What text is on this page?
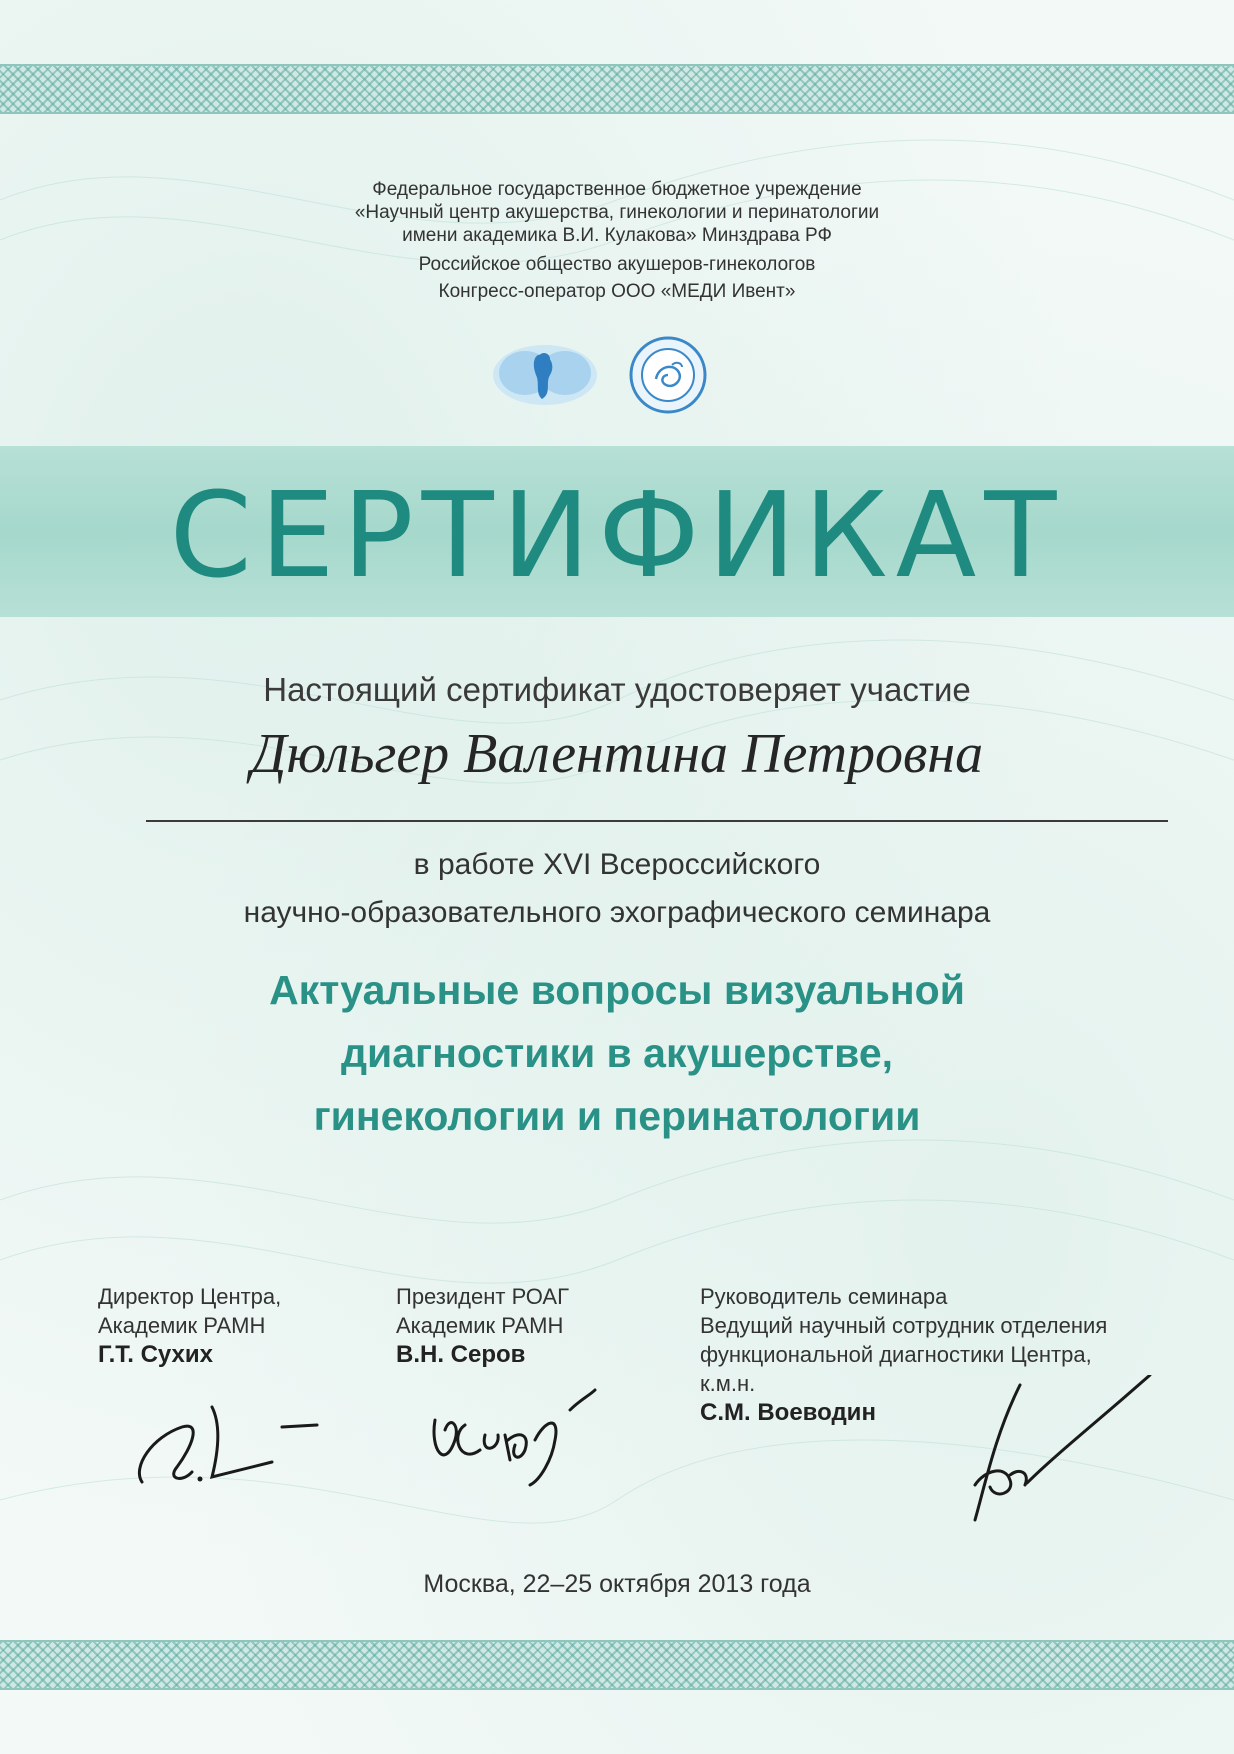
Федеральное государственное бюджетное учреждение
«Научный центр акушерства, гинекологии и перинатологии
имени академика В.И. Кулакова» Минздрава РФ
Российское общество акушеров-гинекологов
Конгресс-оператор ООО «МЕДИ Ивент»
СЕРТИФИКАТ
Настоящий сертификат удостоверяет участие
Дюльгер Валентина Петровна
в работе XVI Всероссийского
научно-образовательного эхографического семинара
Актуальные вопросы визуальной
диагностики в акушерстве,
гинекологии и перинатологии
Директор Центра,
Академик РАМН
Г.Т. Сухих
Президент РОАГ
Академик РАМН
В.Н. Серов
Руководитель семинара
Ведущий научный сотрудник отделения
функциональной диагностики Центра,
к.м.н.
С.М. Воеводин
Москва, 22–25 октября 2013 года
